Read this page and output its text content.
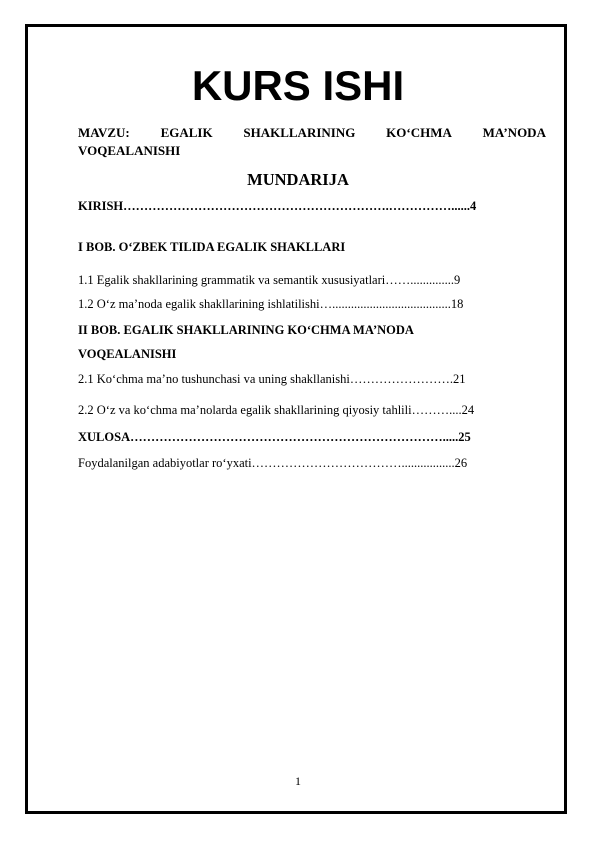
KURS ISHI
MAVZU: EGALIK SHAKLLARINING KO‘CHMA MA’NODA
VOQEALANISHI
MUNDARIJA
KIRISH……………………………………………………….……………......4
I BOB. O‘ZBEK TILIDA EGALIK SHAKLLARI
1.1 Egalik shakllarining grammatik va semantik xususiyatlari……..............9
1.2 O‘z ma’noda egalik shakllarining ishlatilishi…......................................18
II BOB. EGALIK SHAKLLARINING KO‘CHMA MA’NODA
VOQEALANISHI
2.1 Ko‘chma ma’no tushunchasi va uning shakllanishi…………………….21
2.2 O‘z va ko‘chma ma’nolarda egalik shakllarining qiyosiy tahlili………....24
XULOSA………………………………………………………………….....25
Foydalanilgan adabiyotlar ro‘yxati……………………………….................26
1
